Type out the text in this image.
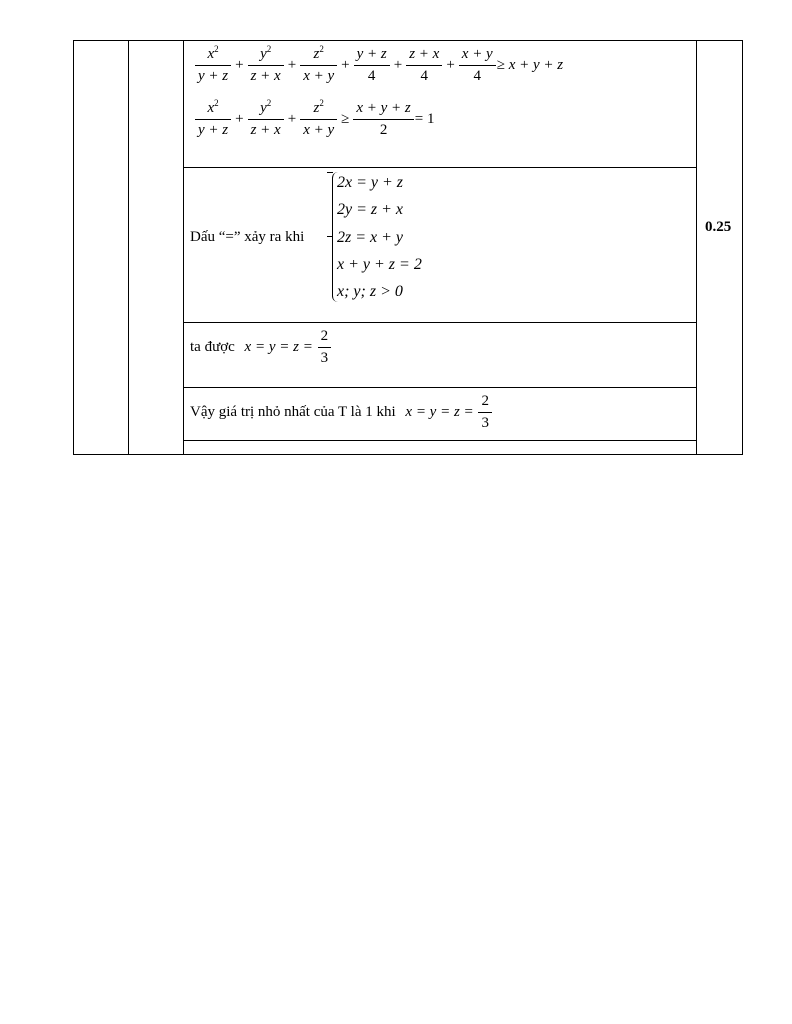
0.25
$\frac{x^2}{y + z} + \frac{y^2}{z + x} + \frac{z^2}{x + y} + \frac{y + z}{4} + \frac{z + x}{4} + \frac{x + y}{4} \ge x + y + z$
$\frac{x^2}{y + z} + \frac{y^2}{z + x} + \frac{z^2}{x + y} \ge \frac{x + y + z}{2} = 1$
Dấu “=” xảy ra khi
2x = y + z
2y = z + x
2z = x + y
x + y + z = 2
x; y; z > 0
ta được $x = y = z = \frac{2}{3}$
Vậy giá trị nhỏ nhất của T là 1 khi $x = y = z = \frac{2}{3}$
